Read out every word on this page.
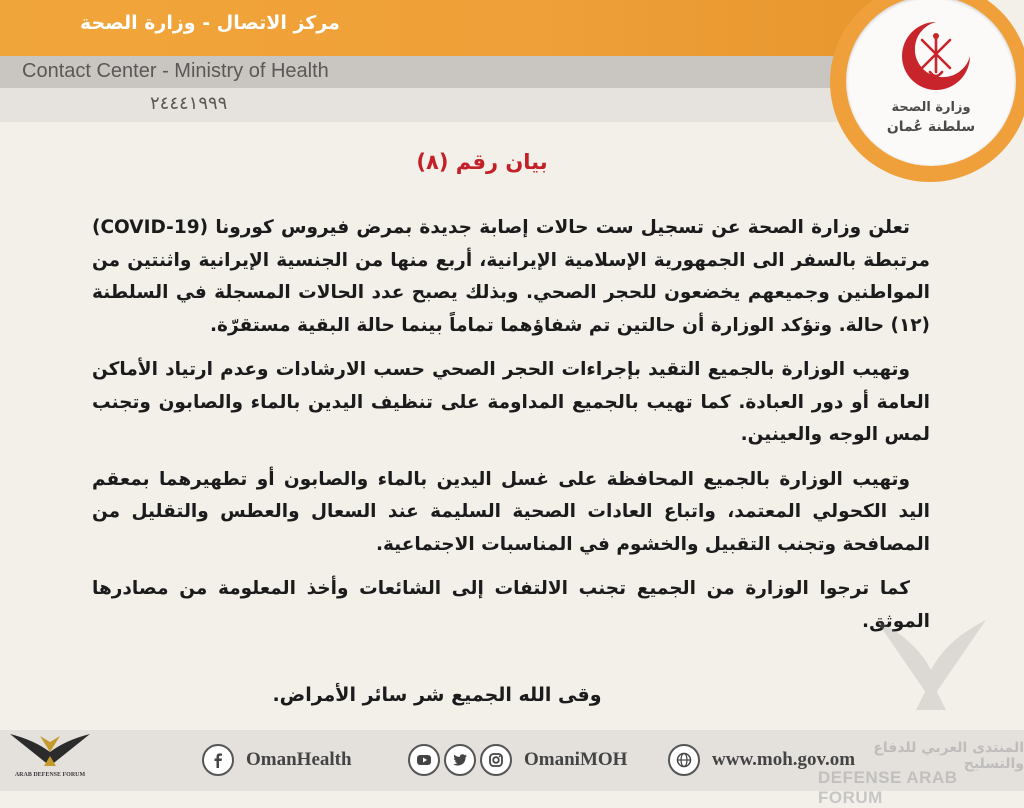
مركز الاتصال - وزارة الصحة
Contact Center - Ministry of Health
٢٤٤٤١٩٩٩	وزارة الصحة
سلطنة عُمان
بيان رقم (٨)

تعلن وزارة الصحة عن تسجيل ست حالات إصابة جديدة بمرض فيروس كورونا (COVID-19) مرتبطة بالسفر الى الجمهورية الإسلامية الإيرانية، أربع منها من الجنسية الإيرانية واثنتين من المواطنين وجميعهم يخضعون للحجر الصحي. وبذلك يصبح عدد الحالات المسجلة في السلطنة (١٢) حالة. وتؤكد الوزارة أن حالتين تم شفاؤهما تماماً بينما حالة البقية مستقرّة.

وتهيب الوزارة بالجميع التقيد بإجراءات الحجر الصحي حسب الارشادات وعدم ارتياد الأماكن العامة أو دور العبادة. كما تهيب بالجميع المداومة على تنظيف اليدين بالماء والصابون وتجنب لمس الوجه والعينين.

وتهيب الوزارة بالجميع المحافظة على غسل اليدين بالماء والصابون أو تطهيرهما بمعقم اليد الكحولي المعتمد، واتباع العادات الصحية السليمة عند السعال والعطس والتقليل من المصافحة وتجنب التقبيل والخشوم في المناسبات الاجتماعية.

كما ترجوا الوزارة من الجميع تجنب الالتفات إلى الشائعات وأخذ المعلومة من مصادرها الموثق.

وقى الله الجميع شر سائر الأمراض.
OmanHealth	OmaniMOH	www.moh.gov.om
ARAB DEFENSE FORUM
المنتدى العربي للدفاع والتسليح
DEFENSE ARAB FORUM
